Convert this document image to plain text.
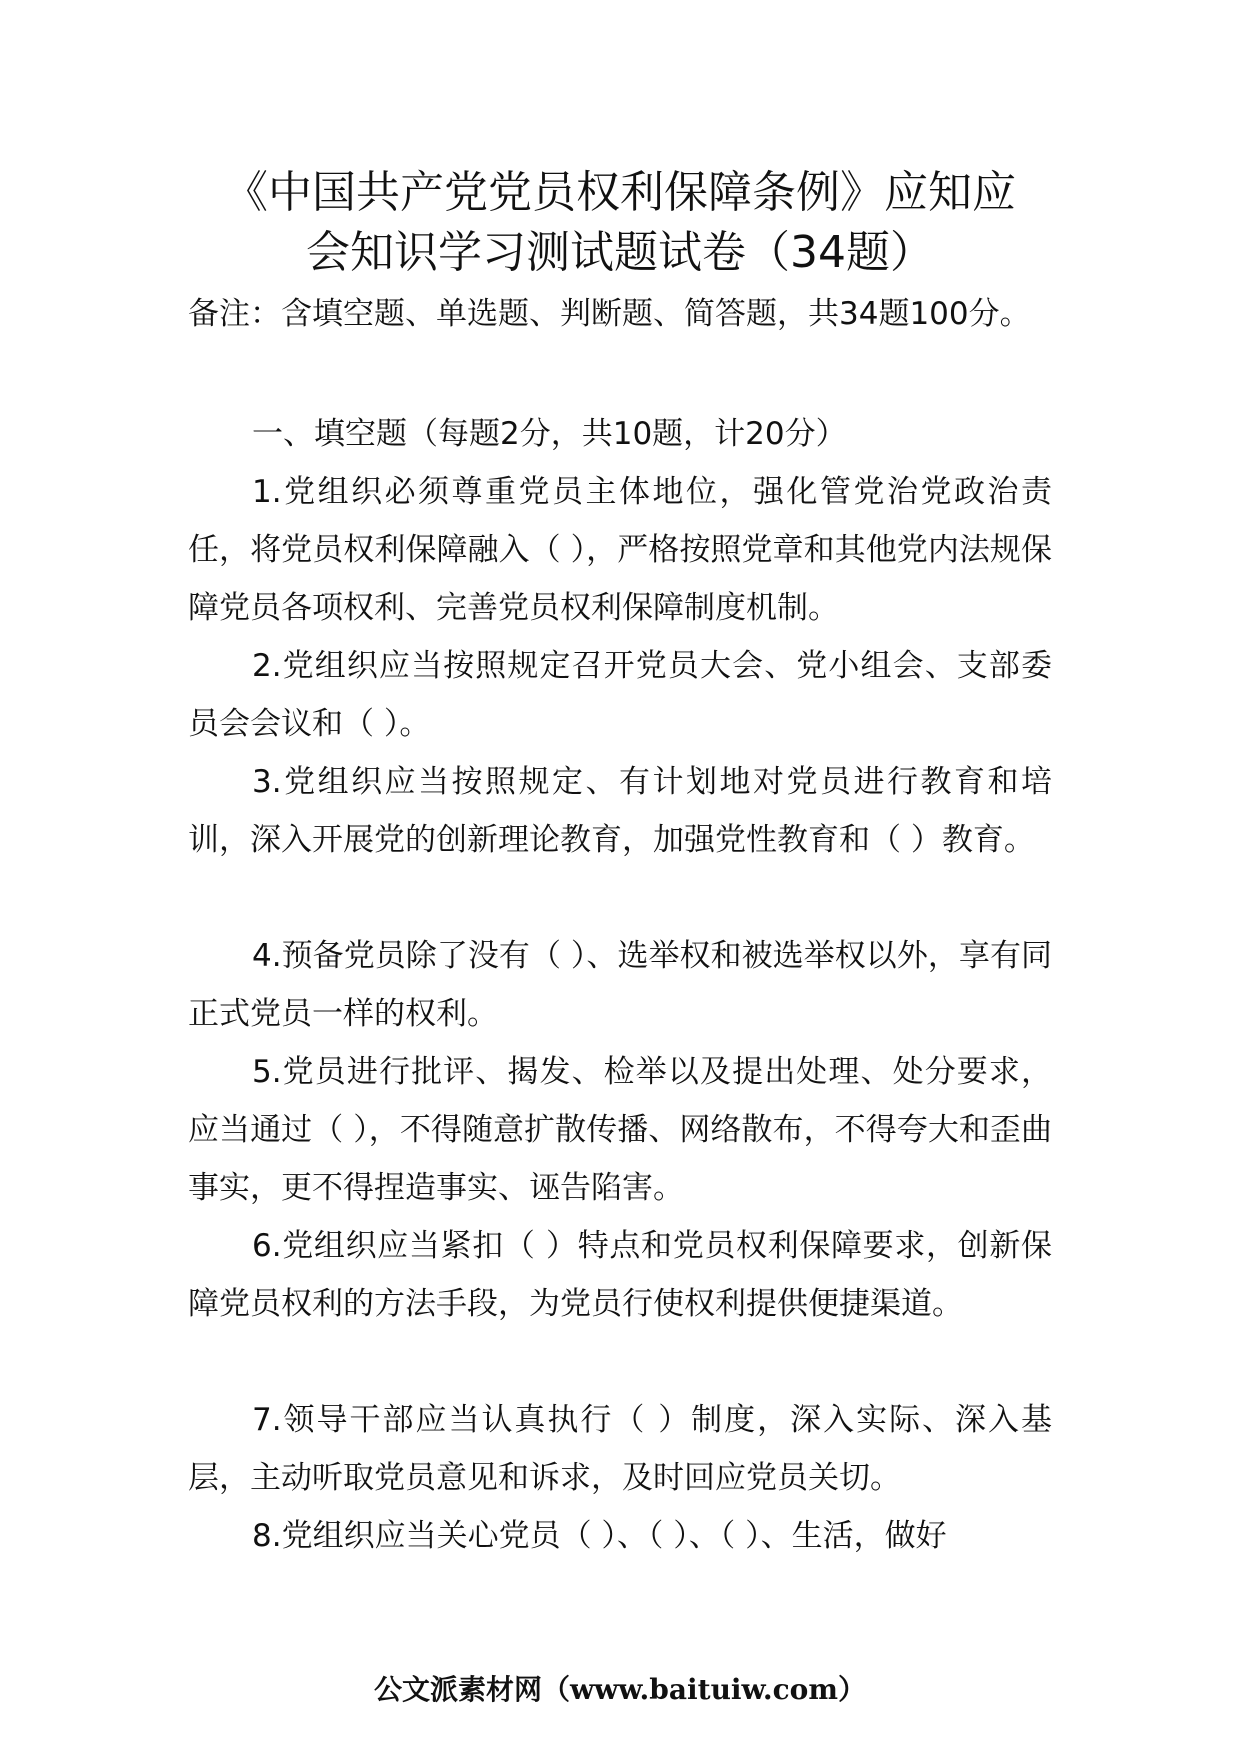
《中国共产党党员权利保障条例》应知应
会知识学习测试题试卷（34题）
备注：含填空题、单选题、判断题、简答题，共34题100分。
一、填空题（每题2分，共10题，计20分）
1.党组织必须尊重党员主体地位，强化管党治党政治责任，将党员权利保障融入（ ），严格按照党章和其他党内法规保障党员各项权利、完善党员权利保障制度机制。
2.党组织应当按照规定召开党员大会、党小组会、支部委员会会议和（ ）。
3.党组织应当按照规定、有计划地对党员进行教育和培训，深入开展党的创新理论教育，加强党性教育和（ ）教育。
4.预备党员除了没有（ ）、选举权和被选举权以外，享有同正式党员一样的权利。
5.党员进行批评、揭发、检举以及提出处理、处分要求，应当通过（ ），不得随意扩散传播、网络散布，不得夸大和歪曲事实，更不得捏造事实、诬告陷害。
6.党组织应当紧扣（ ）特点和党员权利保障要求，创新保障党员权利的方法手段，为党员行使权利提供便捷渠道。
7.领导干部应当认真执行（ ）制度，深入实际、深入基层，主动听取党员意见和诉求，及时回应党员关切。
8.党组织应当关心党员（ ）、（ ）、（ ）、生活，做好
公文派素材网（www.baituiw.com）
